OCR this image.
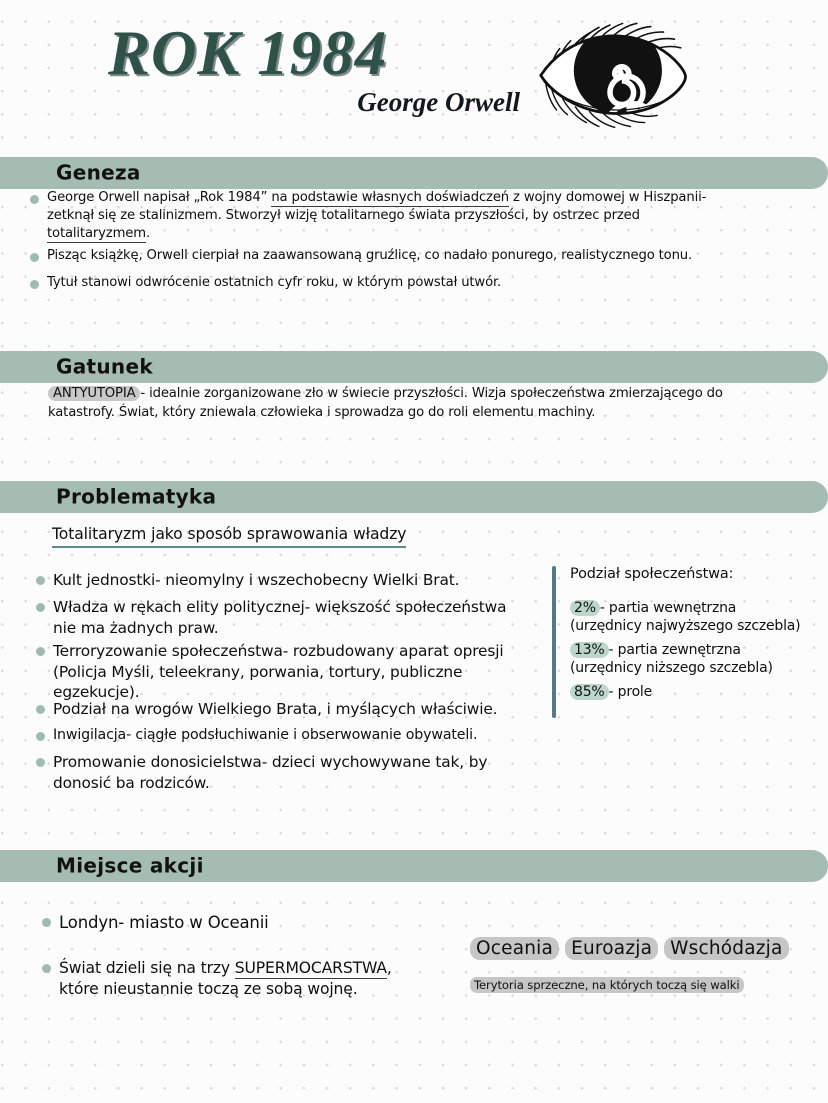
ROK 1984
George Orwell
Geneza
George Orwell napisał „Rok 1984” na podstawie własnych doświadczeń z wojny domowej w Hiszpanii- zetknął się ze stalinizmem. Stworzył wizję totalitarnego świata przyszłości, by ostrzec przed totalitaryzmem.
Pisząc książkę, Orwell cierpiał na zaawansowaną gruźlicę, co nadało ponurego, realistycznego tonu.
Tytuł stanowi odwrócenie ostatnich cyfr roku, w którym powstał utwór.
Gatunek
ANTYUTOPIA - idealnie zorganizowane zło w świecie przyszłości. Wizja społeczeństwa zmierzającego do katastrofy. Świat, który zniewala człowieka i sprowadza go do roli elementu machiny.
Problematyka
Totalitaryzm jako sposób sprawowania władzy
Kult jednostki- nieomylny i wszechobecny Wielki Brat.
Władza w rękach elity politycznej- większość społeczeństwa nie ma żadnych praw.
Terroryzowanie społeczeństwa- rozbudowany aparat opresji (Policja Myśli, teleekrany, porwania, tortury, publiczne egzekucje).
Podział na wrogów Wielkiego Brata, i myślących właściwie.
Inwigilacja- ciągłe podsłuchiwanie i obserwowanie obywateli.
Promowanie donosicielstwa- dzieci wychowywane tak, by donosić ba rodziców.
Podział społeczeństwa:
2% - partia wewnętrzna
(urzędnicy najwyższego szczebla)
13% - partia zewnętrzna
(urzędnicy niższego szczebla)
85% - prole
Miejsce akcji
Londyn- miasto w Oceanii
Świat dzieli się na trzy SUPERMOCARSTWA,
które nieustannie toczą ze sobą wojnę.
Oceania Euroazja Wschódazja
Terytoria sprzeczne, na których toczą się walki
